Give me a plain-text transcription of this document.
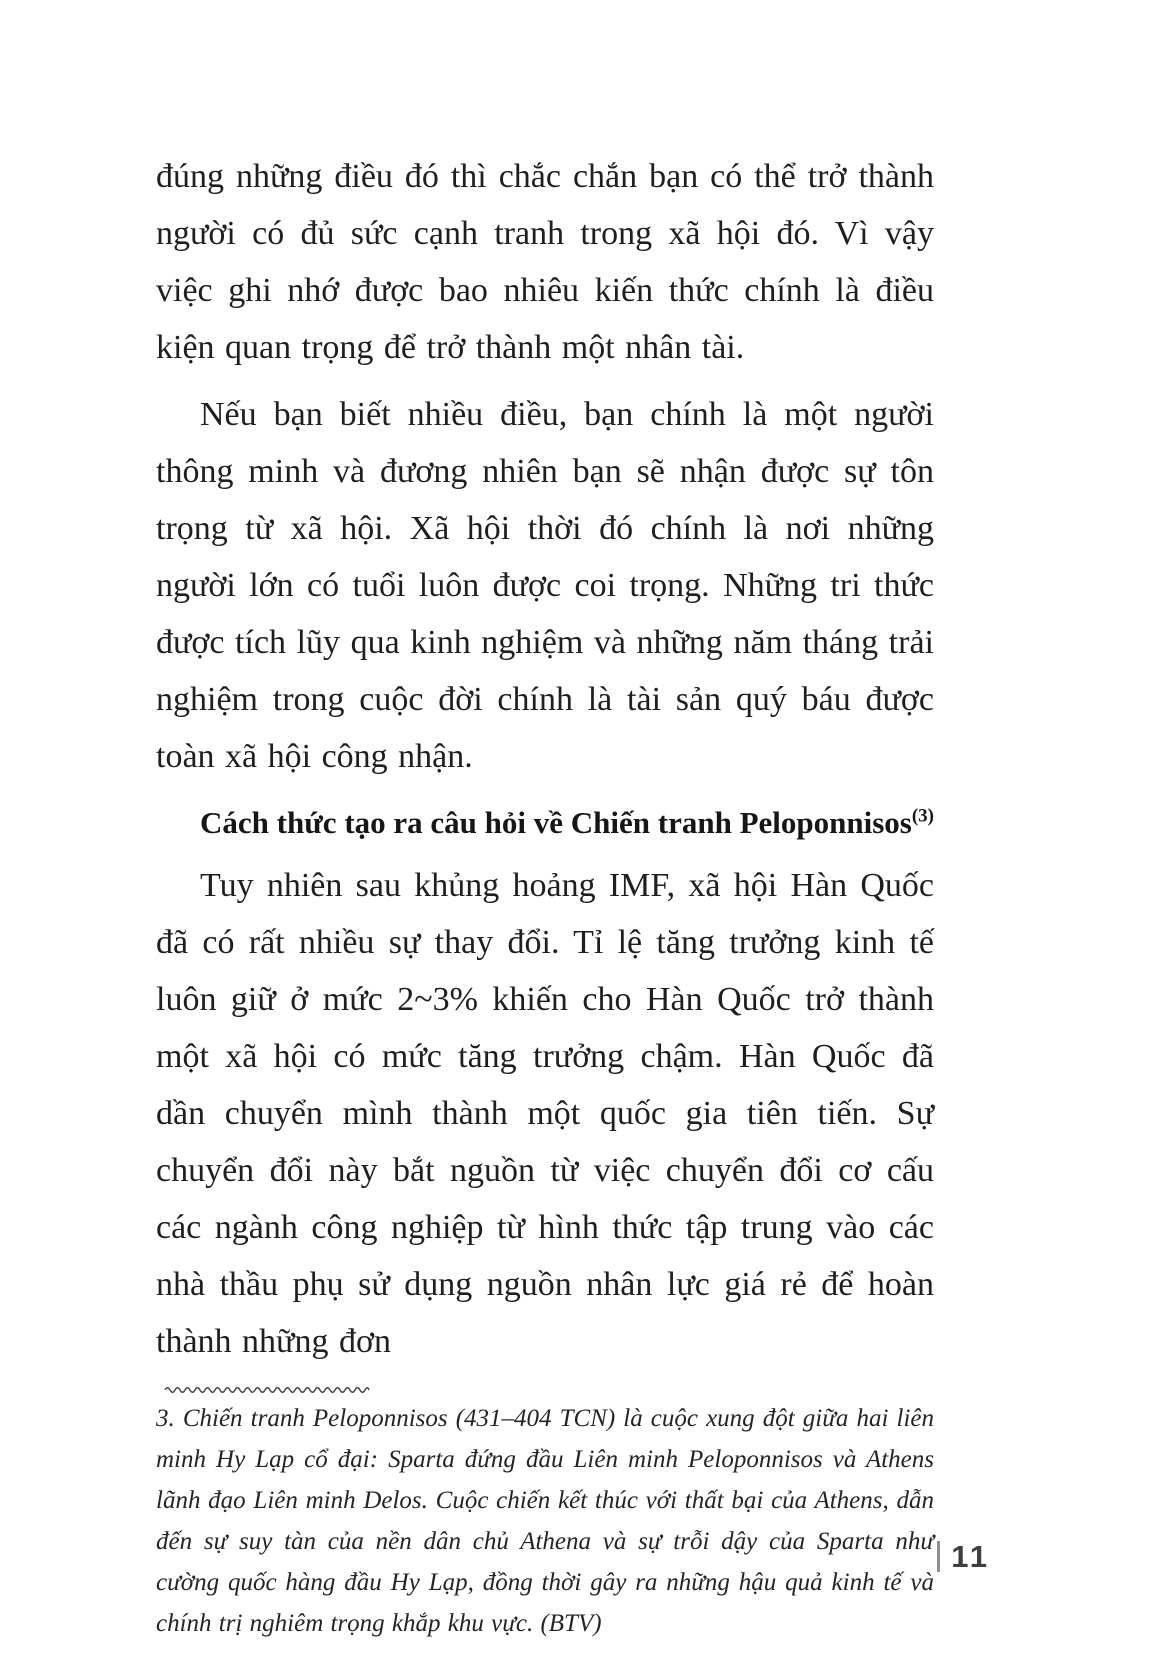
đúng những điều đó thì chắc chắn bạn có thể trở thành người có đủ sức cạnh tranh trong xã hội đó. Vì vậy việc ghi nhớ được bao nhiêu kiến thức chính là điều kiện quan trọng để trở thành một nhân tài.

Nếu bạn biết nhiều điều, bạn chính là một người thông minh và đương nhiên bạn sẽ nhận được sự tôn trọng từ xã hội. Xã hội thời đó chính là nơi những người lớn có tuổi luôn được coi trọng. Những tri thức được tích lũy qua kinh nghiệm và những năm tháng trải nghiệm trong cuộc đời chính là tài sản quý báu được toàn xã hội công nhận.

Cách thức tạo ra câu hỏi về Chiến tranh Peloponnisos$^{(3)}$

Tuy nhiên sau khủng hoảng IMF, xã hội Hàn Quốc đã có rất nhiều sự thay đổi. Tỉ lệ tăng trưởng kinh tế luôn giữ ở mức 2~3% khiến cho Hàn Quốc trở thành một xã hội có mức tăng trưởng chậm. Hàn Quốc đã dần chuyển mình thành một quốc gia tiên tiến. Sự chuyển đổi này bắt nguồn từ việc chuyển đổi cơ cấu các ngành công nghiệp từ hình thức tập trung vào các nhà thầu phụ sử dụng nguồn nhân lực giá rẻ để hoàn thành những đơn

3. Chiến tranh Peloponnisos (431–404 TCN) là cuộc xung đột giữa hai liên minh Hy Lạp cổ đại: Sparta đứng đầu Liên minh Peloponnisos và Athens lãnh đạo Liên minh Delos. Cuộc chiến kết thúc với thất bại của Athens, dẫn đến sự suy tàn của nền dân chủ Athena và sự trỗi dậy của Sparta như cường quốc hàng đầu Hy Lạp, đồng thời gây ra những hậu quả kinh tế và chính trị nghiêm trọng khắp khu vực. (BTV)

11
